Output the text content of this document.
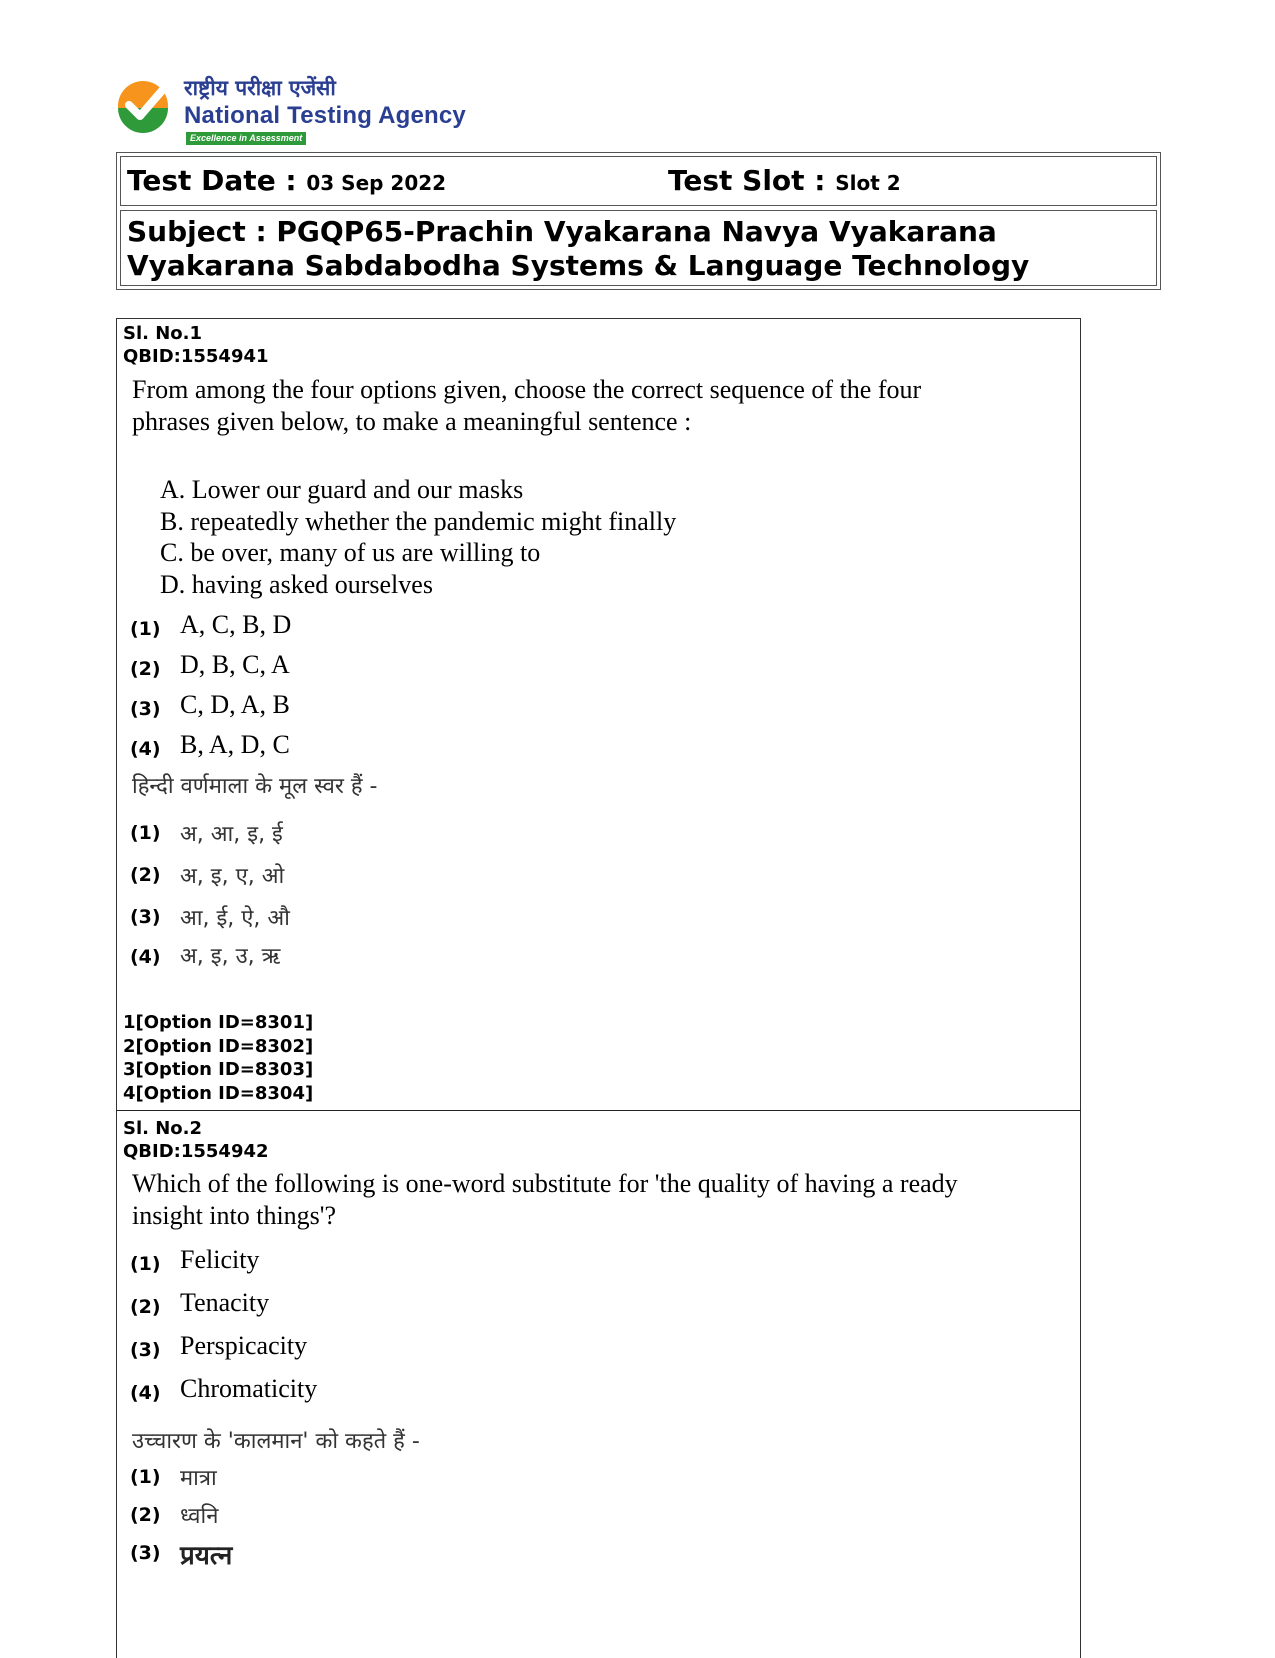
राष्ट्रीय परीक्षा एजेंसी
National Testing Agency
Excellence in Assessment
Test Date : 03 Sep 2022	Test Slot : Slot 2
Subject : PGQP65-Prachin Vyakarana Navya Vyakarana
Vyakarana Sabdabodha Systems & Language Technology
Sl. No.1
QBID:1554941
From among the four options given, choose the correct sequence of the four
phrases given below, to make a meaningful sentence :
A. Lower our guard and our masks
B. repeatedly whether the pandemic might finally
C. be over, many of us are willing to
D. having asked ourselves
(1) A, C, B, D
(2) D, B, C, A
(3) C, D, A, B
(4) B, A, D, C
हिन्दी वर्णमाला के मूल स्वर हैं -
(1) अ, आ, इ, ई
(2) अ, इ, ए, ओ
(3) आ, ई, ऐ, औ
(4) अ, इ, उ, ऋ
1[Option ID=8301]
2[Option ID=8302]
3[Option ID=8303]
4[Option ID=8304]
Sl. No.2
QBID:1554942
Which of the following is one-word substitute for 'the quality of having a ready
insight into things'?
(1) Felicity
(2) Tenacity
(3) Perspicacity
(4) Chromaticity
उच्चारण के 'कालमान' को कहते हैं -
(1) मात्रा
(2) ध्वनि
(3) प्रयत्न
